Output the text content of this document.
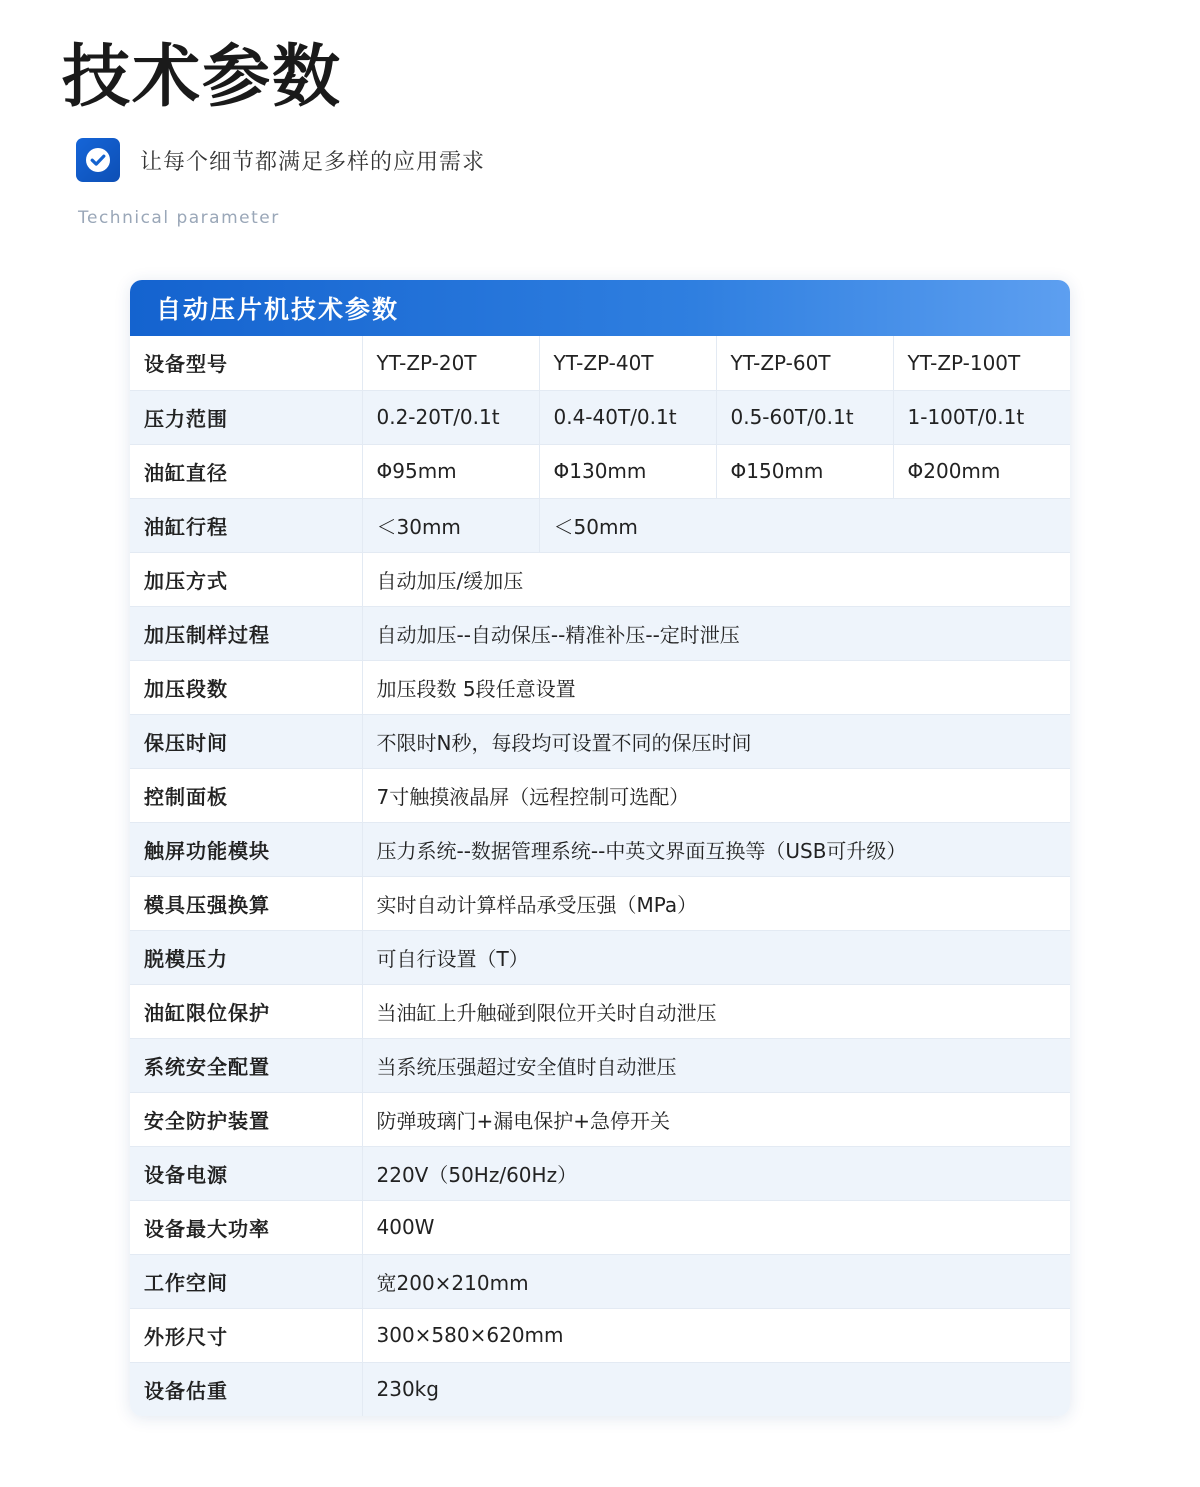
技术参数
让每个细节都满足多样的应用需求
Technical parameter
自动压片机技术参数
设备型号	YT-ZP-20T	YT-ZP-40T	YT-ZP-60T	YT-ZP-100T
压力范围	0.2-20T/0.1t	0.4-40T/0.1t	0.5-60T/0.1t	1-100T/0.1t
油缸直径	Φ95mm	Φ130mm	Φ150mm	Φ200mm
油缸行程	＜30mm	＜50mm		
加压方式	自动加压/缓加压			
加压制样过程	自动加压--自动保压--精准补压--定时泄压			
加压段数	加压段数 5段任意设置			
保压时间	不限时N秒，每段均可设置不同的保压时间			
控制面板	7寸触摸液晶屏（远程控制可选配）			
触屏功能模块	压力系统--数据管理系统--中英文界面互换等（USB可升级）			
模具压强换算	实时自动计算样品承受压强（MPa）			
脱模压力	可自行设置（T）			
油缸限位保护	当油缸上升触碰到限位开关时自动泄压			
系统安全配置	当系统压强超过安全值时自动泄压			
安全防护装置	防弹玻璃门+漏电保护+急停开关			
设备电源	220V（50Hz/60Hz）			
设备最大功率	400W			
工作空间	宽200×210mm			
外形尺寸	300×580×620mm			
设备估重	230kg			
